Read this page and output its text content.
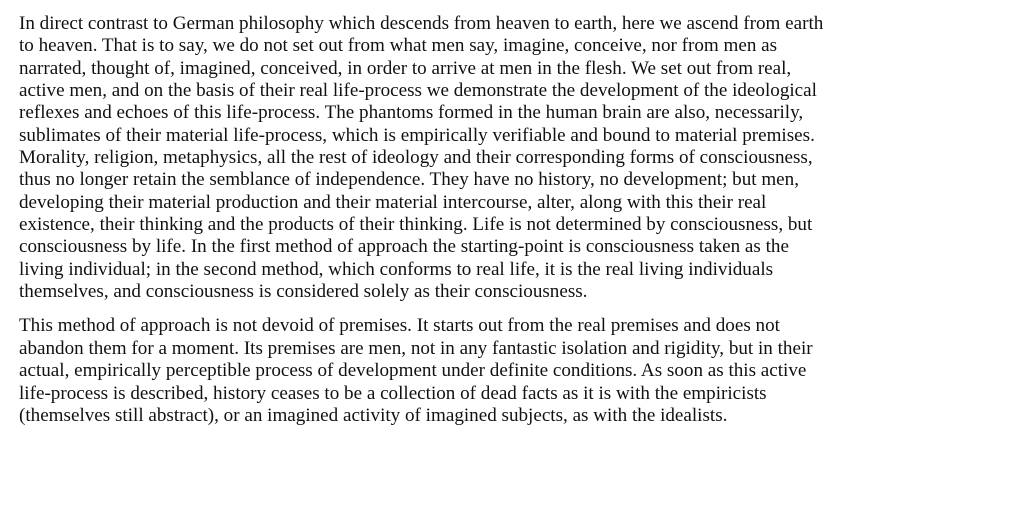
In direct contrast to German philosophy which descends from heaven to earth, here we ascend from earth
to heaven. That is to say, we do not set out from what men say, imagine, conceive, nor from men as
narrated, thought of, imagined, conceived, in order to arrive at men in the flesh. We set out from real,
active men, and on the basis of their real life-process we demonstrate the development of the ideological
reflexes and echoes of this life-process. The phantoms formed in the human brain are also, necessarily,
sublimates of their material life-process, which is empirically verifiable and bound to material premises.
Morality, religion, metaphysics, all the rest of ideology and their corresponding forms of consciousness,
thus no longer retain the semblance of independence. They have no history, no development; but men,
developing their material production and their material intercourse, alter, along with this their real
existence, their thinking and the products of their thinking. Life is not determined by consciousness, but
consciousness by life. In the first method of approach the starting-point is consciousness taken as the
living individual; in the second method, which conforms to real life, it is the real living individuals
themselves, and consciousness is considered solely as their consciousness.

This method of approach is not devoid of premises. It starts out from the real premises and does not
abandon them for a moment. Its premises are men, not in any fantastic isolation and rigidity, but in their
actual, empirically perceptible process of development under definite conditions. As soon as this active
life-process is described, history ceases to be a collection of dead facts as it is with the empiricists
(themselves still abstract), or an imagined activity of imagined subjects, as with the idealists.
